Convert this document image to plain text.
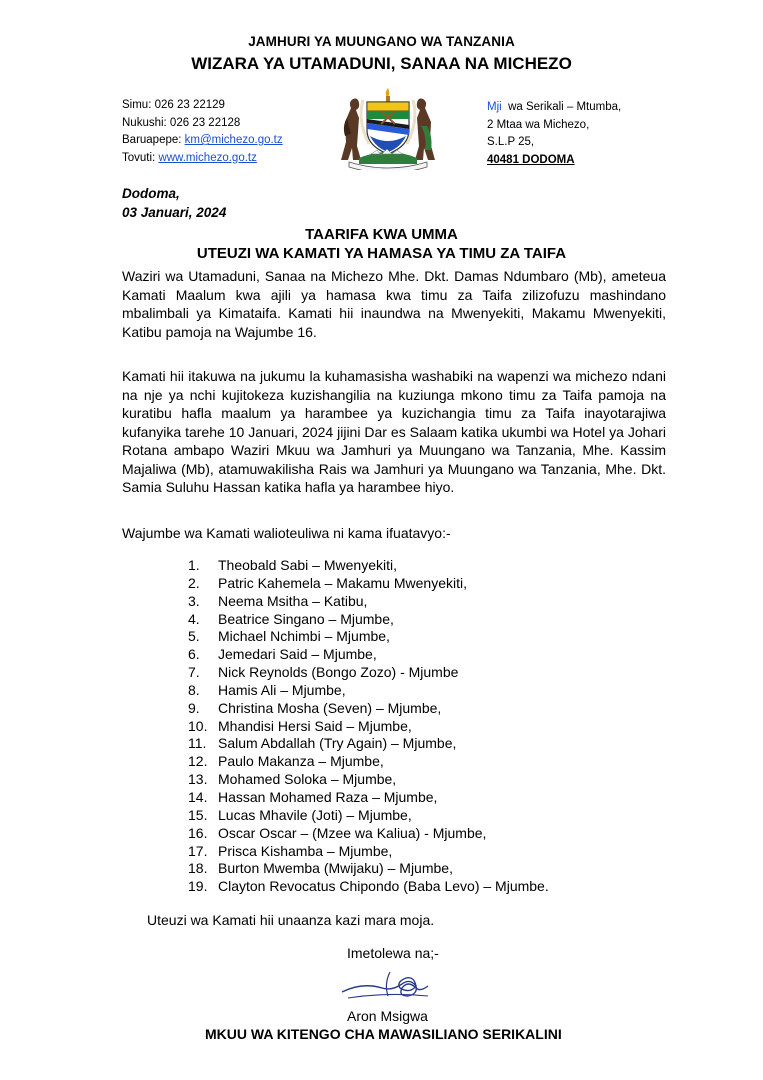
JAMHURI YA MUUNGANO WA TANZANIA
WIZARA YA UTAMADUNI, SANAA NA MICHEZO
Simu: 026 23 22129
Nukushi: 026 23 22128
Baruapepe: km@michezo.go.tz
Tovuti: www.michezo.go.tz
Mji  wa Serikali – Mtumba,
2 Mtaa wa Michezo,
S.L.P 25,
40481 DODOMA
Dodoma,
03 Januari, 2024
TAARIFA KWA UMMA
UTEUZI WA KAMATI YA HAMASA YA TIMU ZA TAIFA
Waziri wa Utamaduni, Sanaa na Michezo Mhe. Dkt. Damas Ndumbaro (Mb), ameteua Kamati Maalum kwa ajili ya hamasa kwa timu za Taifa zilizofuzu mashindano mbalimbali ya Kimataifa. Kamati hii inaundwa na Mwenyekiti, Makamu Mwenyekiti, Katibu pamoja na Wajumbe 16.
Kamati hii itakuwa na jukumu la kuhamasisha washabiki na wapenzi wa michezo ndani na nje ya nchi kujitokeza kuzishangilia na kuziunga mkono timu za Taifa pamoja na kuratibu hafla maalum ya harambee ya kuzichangia timu za Taifa inayotarajiwa kufanyika tarehe 10 Januari, 2024 jijini Dar es Salaam katika ukumbi wa Hotel ya Johari Rotana ambapo Waziri Mkuu wa Jamhuri ya Muungano wa Tanzania, Mhe. Kassim Majaliwa (Mb), atamuwakilisha Rais wa Jamhuri ya Muungano wa Tanzania, Mhe. Dkt. Samia Suluhu Hassan katika hafla ya harambee hiyo.
Wajumbe wa Kamati walioteuliwa ni kama ifuatavyo:-
1.	Theobald Sabi – Mwenyekiti,
2.	Patric Kahemela – Makamu Mwenyekiti,
3.	Neema Msitha – Katibu,
4.	Beatrice Singano – Mjumbe,
5.	Michael Nchimbi – Mjumbe,
6.	Jemedari Said – Mjumbe,
7.	Nick Reynolds (Bongo Zozo) - Mjumbe
8.	Hamis Ali – Mjumbe,
9.	Christina Mosha (Seven) – Mjumbe,
10. Mhandisi Hersi Said – Mjumbe,
11. Salum Abdallah (Try Again) – Mjumbe,
12. Paulo Makanza – Mjumbe,
13. Mohamed Soloka – Mjumbe,
14. Hassan Mohamed Raza – Mjumbe,
15. Lucas Mhavile (Joti) – Mjumbe,
16. Oscar Oscar – (Mzee wa Kaliua) - Mjumbe,
17. Prisca Kishamba – Mjumbe,
18. Burton Mwemba (Mwijaku) – Mjumbe,
19. Clayton Revocatus Chipondo (Baba Levo) – Mjumbe.
Uteuzi wa Kamati hii unaanza kazi mara moja.
Imetolewa na;-
Aron Msigwa
MKUU WA KITENGO CHA MAWASILIANO SERIKALINI
